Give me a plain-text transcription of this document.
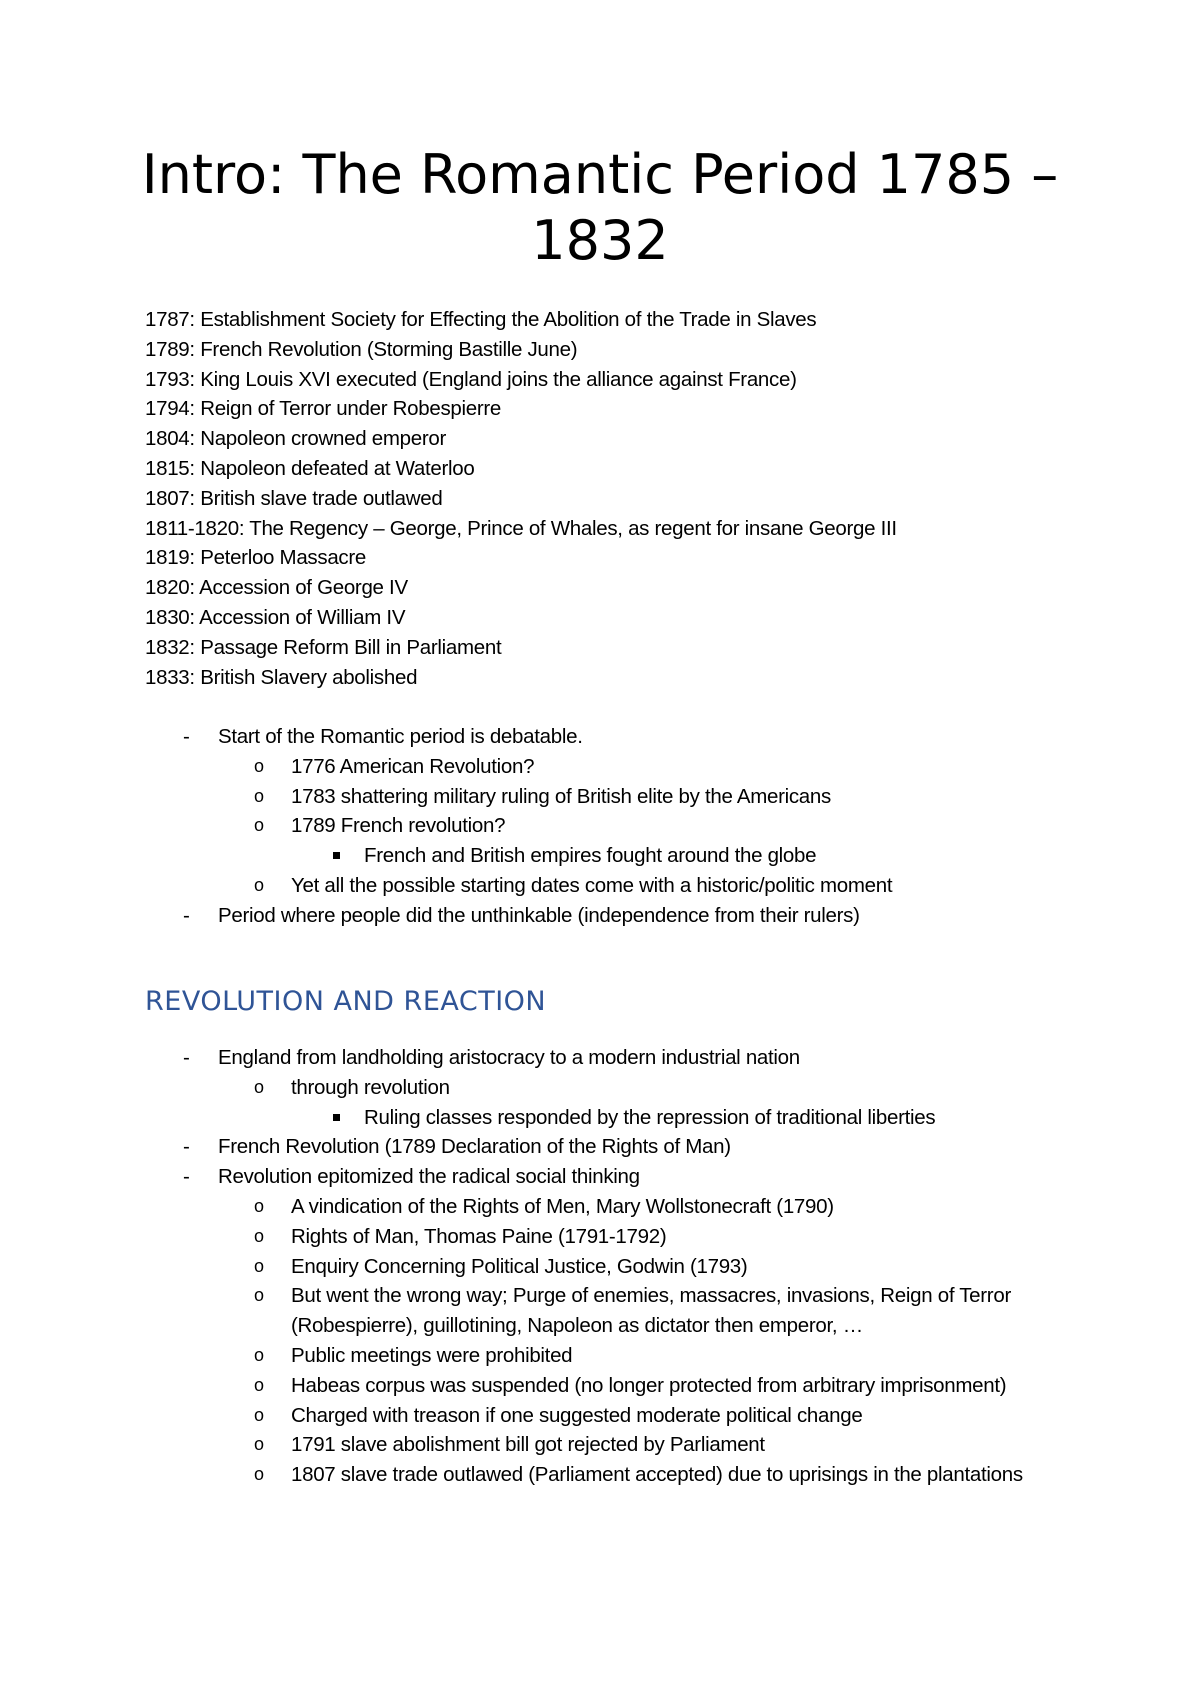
Intro: The Romantic Period 1785 – 1832
1787: Establishment Society for Effecting the Abolition of the Trade in Slaves
1789: French Revolution (Storming Bastille June)
1793: King Louis XVI executed (England joins the alliance against France)
1794: Reign of Terror under Robespierre
1804: Napoleon crowned emperor
1815: Napoleon defeated at Waterloo
1807: British slave trade outlawed
1811-1820: The Regency – George, Prince of Whales, as regent for insane George III
1819: Peterloo Massacre
1820: Accession of George IV
1830: Accession of William IV
1832: Passage Reform Bill in Parliament
1833: British Slavery abolished
- Start of the Romantic period is debatable.
o 1776 American Revolution?
o 1783 shattering military ruling of British elite by the Americans
o 1789 French revolution?
French and British empires fought around the globe
o Yet all the possible starting dates come with a historic/politic moment
- Period where people did the unthinkable (independence from their rulers)
REVOLUTION AND REACTION
- England from landholding aristocracy to a modern industrial nation
o through revolution
Ruling classes responded by the repression of traditional liberties
- French Revolution (1789 Declaration of the Rights of Man)
- Revolution epitomized the radical social thinking
o A vindication of the Rights of Men, Mary Wollstonecraft (1790)
o Rights of Man, Thomas Paine (1791-1792)
o Enquiry Concerning Political Justice, Godwin (1793)
o But went the wrong way; Purge of enemies, massacres, invasions, Reign of Terror (Robespierre), guillotining, Napoleon as dictator then emperor, …
o Public meetings were prohibited
o Habeas corpus was suspended (no longer protected from arbitrary imprisonment)
o Charged with treason if one suggested moderate political change
o 1791 slave abolishment bill got rejected by Parliament
o 1807 slave trade outlawed (Parliament accepted) due to uprisings in the plantations
